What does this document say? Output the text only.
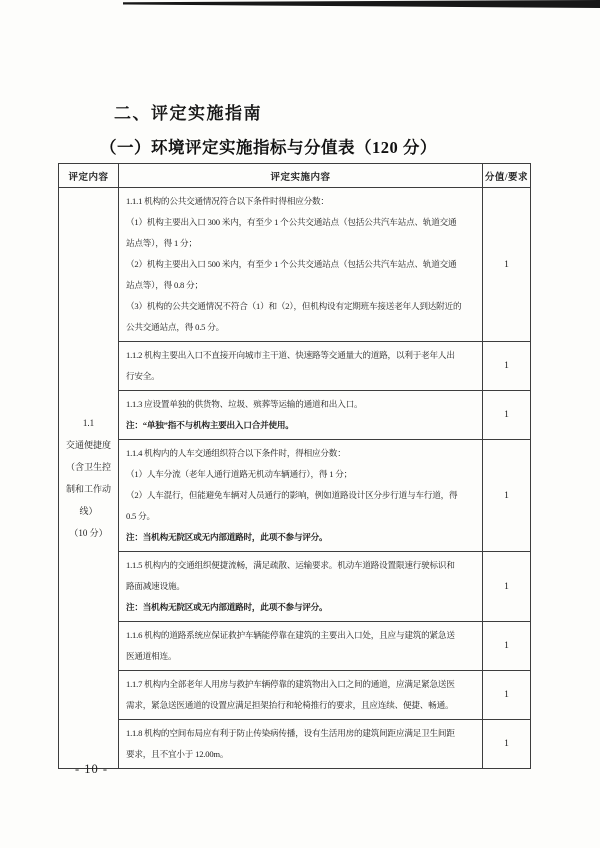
二、评定实施指南
（一）环境评定实施指标与分值表（120 分）
评定内容	评定实施内容	分值/要求

1.1
交通便捷度
（含卫生控
制和工作动
线）
（10 分）

1.1.1 机构的公共交通情况符合以下条件时得相应分数：
（1）机构主要出入口 300 米内，有至少 1 个公共交通站点（包括公共汽车站点、轨道交通
站点等），得 1 分；
（2）机构主要出入口 500 米内，有至少 1 个公共交通站点（包括公共汽车站点、轨道交通
站点等），得 0.8 分；
（3）机构的公共交通情况不符合（1）和（2），但机构设有定期班车接送老年人到达附近的
公共交通站点，得 0.5 分。
	1

	1.1.2 机构主要出入口不直接开向城市主干道、快速路等交通量大的道路，以利于老年人出
行安全。	1

	1.1.3 应设置单独的供货物、垃圾、殡葬等运输的通道和出入口。
注：“单独”指不与机构主要出入口合并使用。	1

	1.1.4 机构内的人车交通组织符合以下条件时，得相应分数：
（1）人车分流（老年人通行道路无机动车辆通行），得 1 分；
（2）人车混行，但能避免车辆对人员通行的影响，例如道路设计区分步行道与车行道，得
0.5 分。
注：当机构无院区或无内部道路时，此项不参与评分。	1

	1.1.5 机构内的交通组织便捷流畅，满足疏散、运输要求。机动车道路设置限速行驶标识和
路面减速设施。
注：当机构无院区或无内部道路时，此项不参与评分。	1

	1.1.6 机构的道路系统应保证救护车辆能停靠在建筑的主要出入口处，且应与建筑的紧急送
医通道相连。	1

	1.1.7 机构内全部老年人用房与救护车辆停靠的建筑物出入口之间的通道，应满足紧急送医
需求，紧急送医通道的设置应满足担架抬行和轮椅推行的要求，且应连续、便捷、畅通。	1

	1.1.8 机构的空间布局应有利于防止传染病传播，设有生活用房的建筑间距应满足卫生间距
要求，且不宜小于 12.00m。	1
- 10 -
